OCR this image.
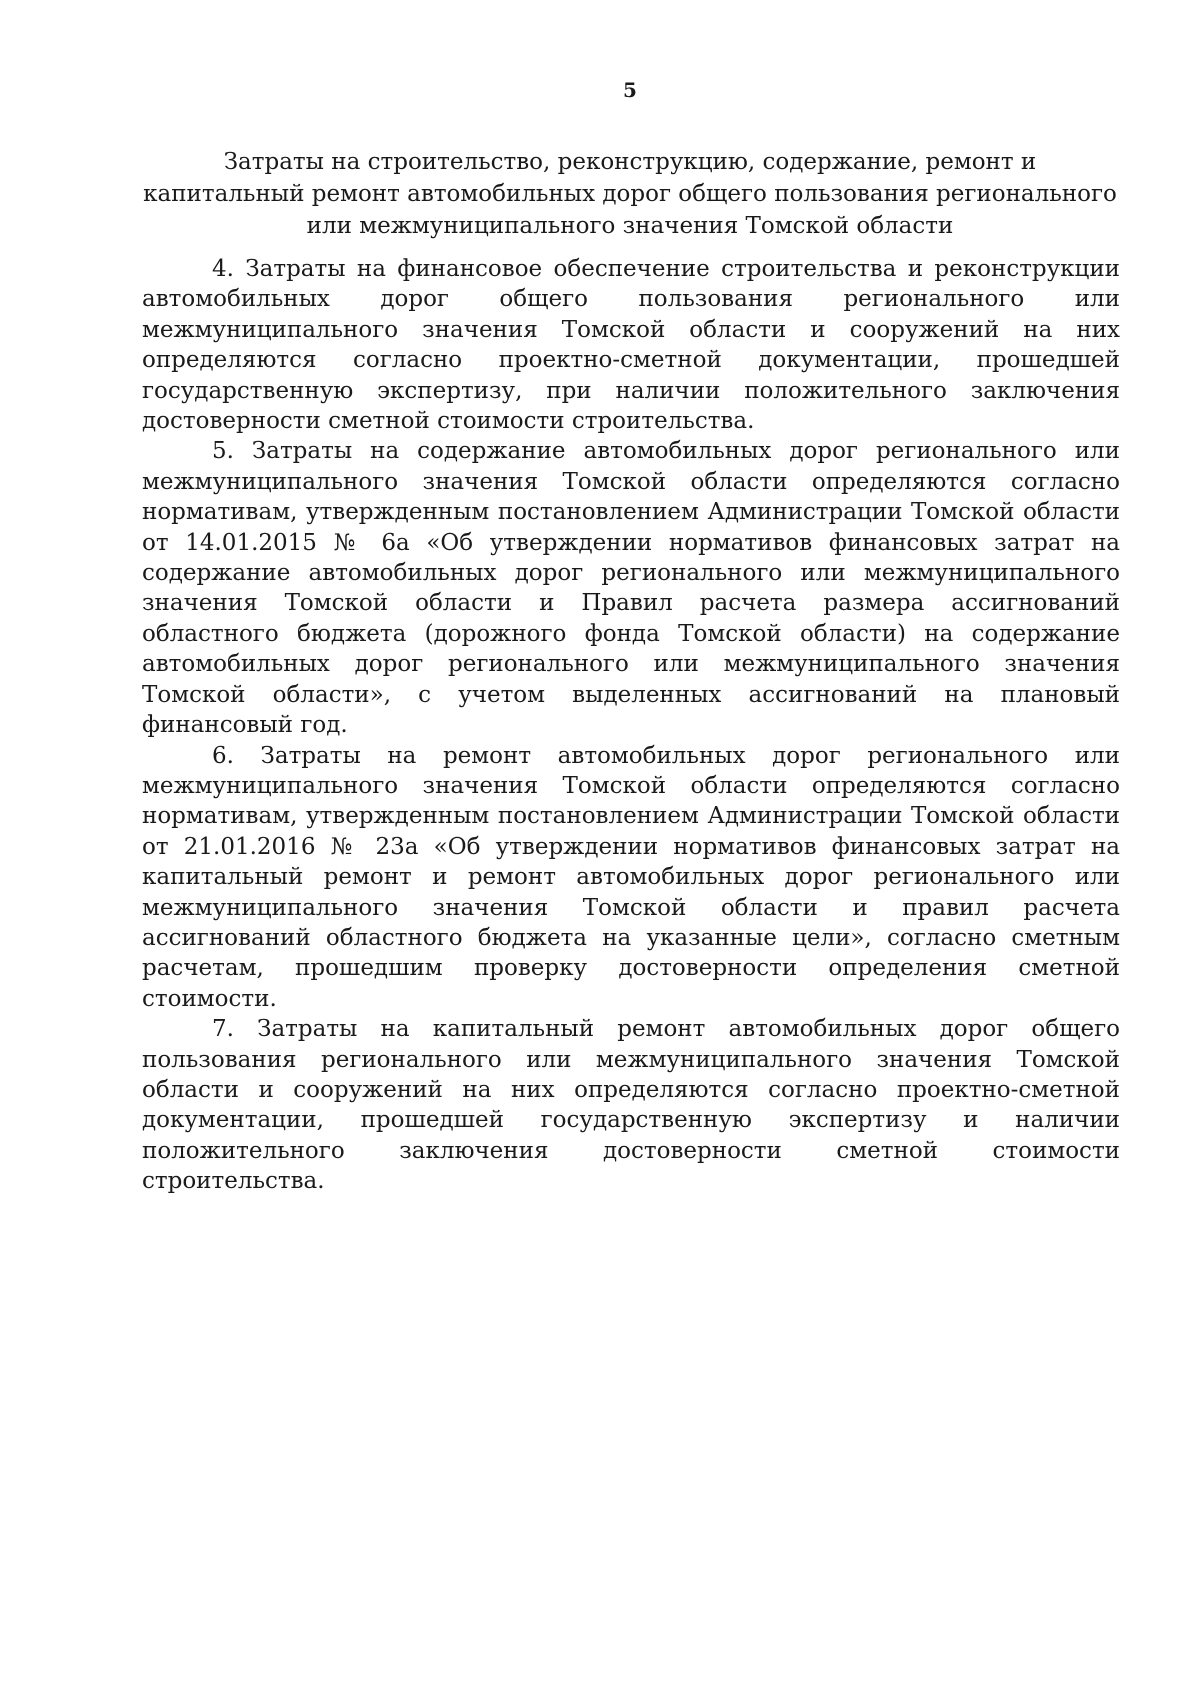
5
Затраты на строительство, реконструкцию, содержание, ремонт и
капитальный ремонт автомобильных дорог общего пользования регионального
или межмуниципального значения Томской области

4. Затраты на финансовое обеспечение строительства и реконструкции автомобильных дорог общего пользования регионального или межмуниципального значения Томской области и сооружений на них определяются согласно проектно-сметной документации, прошедшей государственную экспертизу, при наличии положительного заключения достоверности сметной стоимости строительства.

5. Затраты на содержание автомобильных дорог регионального или межмуниципального значения Томской области определяются согласно нормативам, утвержденным постановлением Администрации Томской области от 14.01.2015 № 6а «Об утверждении нормативов финансовых затрат на содержание автомобильных дорог регионального или межмуниципального значения Томской области и Правил расчета размера ассигнований областного бюджета (дорожного фонда Томской области) на содержание автомобильных дорог регионального или межмуниципального значения Томской области», с учетом выделенных ассигнований на плановый финансовый год.

6. Затраты на ремонт автомобильных дорог регионального или межмуниципального значения Томской области определяются согласно нормативам, утвержденным постановлением Администрации Томской области от 21.01.2016 № 23а «Об утверждении нормативов финансовых затрат на капитальный ремонт и ремонт автомобильных дорог регионального или межмуниципального значения Томской области и правил расчета ассигнований областного бюджета на указанные цели», согласно сметным расчетам, прошедшим проверку достоверности определения сметной стоимости.

7. Затраты на капитальный ремонт автомобильных дорог общего пользования регионального или межмуниципального значения Томской области и сооружений на них определяются согласно проектно-сметной документации, прошедшей государственную экспертизу и наличии положительного заключения достоверности сметной стоимости строительства.
